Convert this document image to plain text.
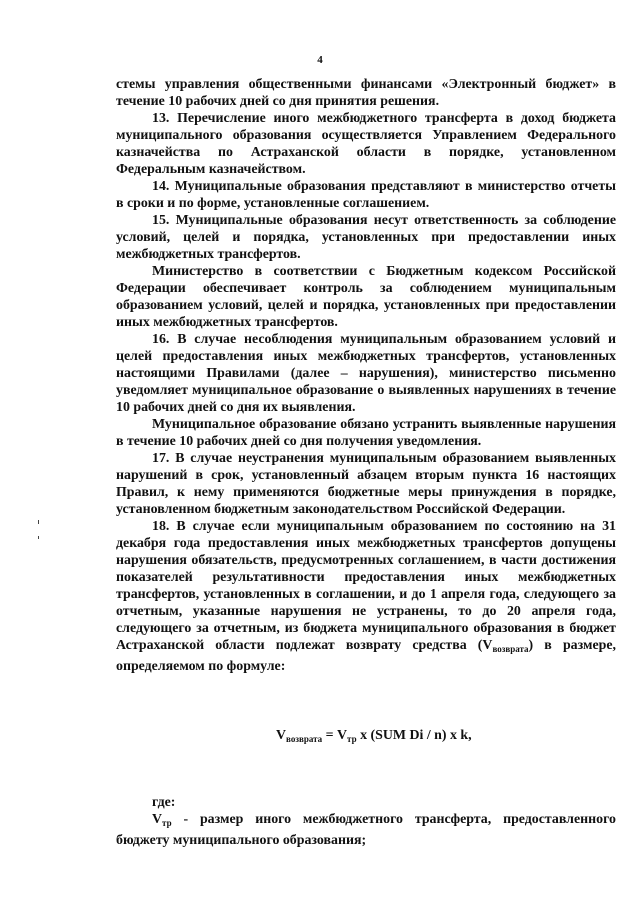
4

стемы управления общественными финансами «Электронный бюджет» в течение 10 рабочих дней со дня принятия решения.

13. Перечисление иного межбюджетного трансферта в доход бюджета муниципального образования осуществляется Управлением Федерального казначейства по Астраханской области в порядке, установленном Федеральным казначейством.

14. Муниципальные образования представляют в министерство отчеты в сроки и по форме, установленные соглашением.

15. Муниципальные образования несут ответственность за соблюдение условий, целей и порядка, установленных при предоставлении иных межбюджетных трансфертов.

Министерство в соответствии с Бюджетным кодексом Российской Федерации обеспечивает контроль за соблюдением муниципальным образованием условий, целей и порядка, установленных при предоставлении иных межбюджетных трансфертов.

16. В случае несоблюдения муниципальным образованием условий и целей предоставления иных межбюджетных трансфертов, установленных настоящими Правилами (далее – нарушения), министерство письменно уведомляет муниципальное образование о выявленных нарушениях в течение 10 рабочих дней со дня их выявления.

Муниципальное образование обязано устранить выявленные нарушения в течение 10 рабочих дней со дня получения уведомления.

17. В случае неустранения муниципальным образованием выявленных нарушений в срок, установленный абзацем вторым пункта 16 настоящих Правил, к нему применяются бюджетные меры принуждения в порядке, установленном бюджетным законодательством Российской Федерации.

18. В случае если муниципальным образованием по состоянию на 31 декабря года предоставления иных межбюджетных трансфертов допущены нарушения обязательств, предусмотренных соглашением, в части достижения показателей результативности предоставления иных межбюджетных трансфертов, установленных в соглашении, и до 1 апреля года, следующего за отчетным, указанные нарушения не устранены, то до 20 апреля года, следующего за отчетным, из бюджета муниципального образования в бюджет Астраханской области подлежат возврату средства $(V_{возврата})$ в размере, определяемом по формуле:

$V_{возврата} = V_{тр}$ x (SUM Di / n) x k,

где:

$V_{тр}$ - размер иного межбюджетного трансферта, предоставленного бюджету муниципального образования;
